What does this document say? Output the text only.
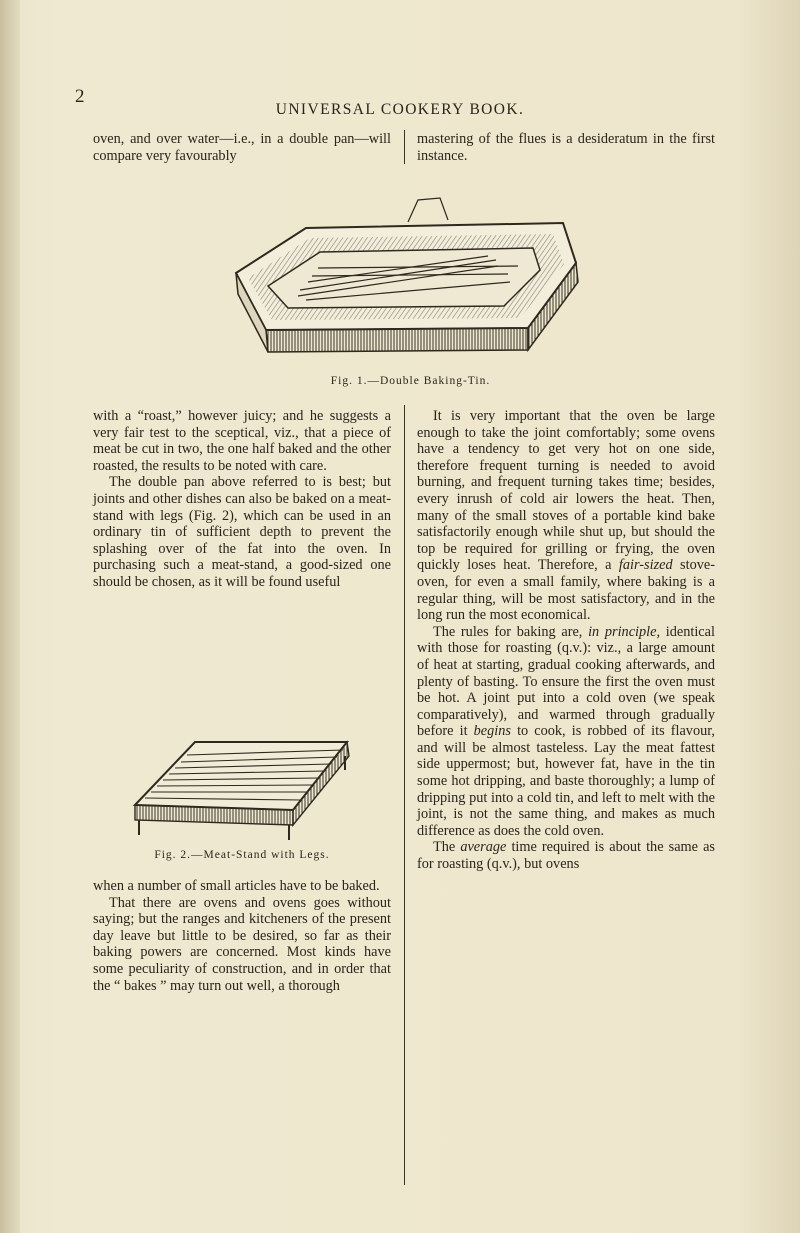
2
UNIVERSAL COOKERY BOOK.

oven, and over water—i.e., in a double pan—will compare very favourably

mastering of the flues is a desideratum in the first instance.

Fig. 1.—Double Baking-Tin.

with a “roast,” however juicy; and he suggests a very fair test to the sceptical, viz., that a piece of meat be cut in two, the one half baked and the other roasted, the results to be noted with care.

The double pan above referred to is best; but joints and other dishes can also be baked on a meat-stand with legs (Fig. 2), which can be used in an ordinary tin of sufficient depth to prevent the splashing over of the fat into the oven. In purchasing such a meat-stand, a good-sized one should be chosen, as it will be found useful

Fig. 2.—Meat-Stand with Legs.

when a number of small articles have to be baked.

That there are ovens and ovens goes without saying; but the ranges and kitcheners of the present day leave but little to be desired, so far as their baking powers are concerned. Most kinds have some peculiarity of construction, and in order that the “ bakes ” may turn out well, a thorough

It is very important that the oven be large enough to take the joint comfortably; some ovens have a tendency to get very hot on one side, therefore frequent turning is needed to avoid burning, and frequent turning takes time; besides, every inrush of cold air lowers the heat. Then, many of the small stoves of a portable kind bake satisfactorily enough while shut up, but should the top be required for grilling or frying, the oven quickly loses heat. Therefore, a fair-sized stove-oven, for even a small family, where baking is a regular thing, will be most satisfactory, and in the long run the most economical.

The rules for baking are, in principle, identical with those for roasting (q.v.): viz., a large amount of heat at starting, gradual cooking afterwards, and plenty of basting. To ensure the first the oven must be hot. A joint put into a cold oven (we speak comparatively), and warmed through gradually before it begins to cook, is robbed of its flavour, and will be almost tasteless. Lay the meat fattest side uppermost; but, however fat, have in the tin some hot dripping, and baste thoroughly; a lump of dripping put into a cold tin, and left to melt with the joint, is not the same thing, and makes as much difference as does the cold oven.

The average time required is about the same as for roasting (q.v.), but ovens
